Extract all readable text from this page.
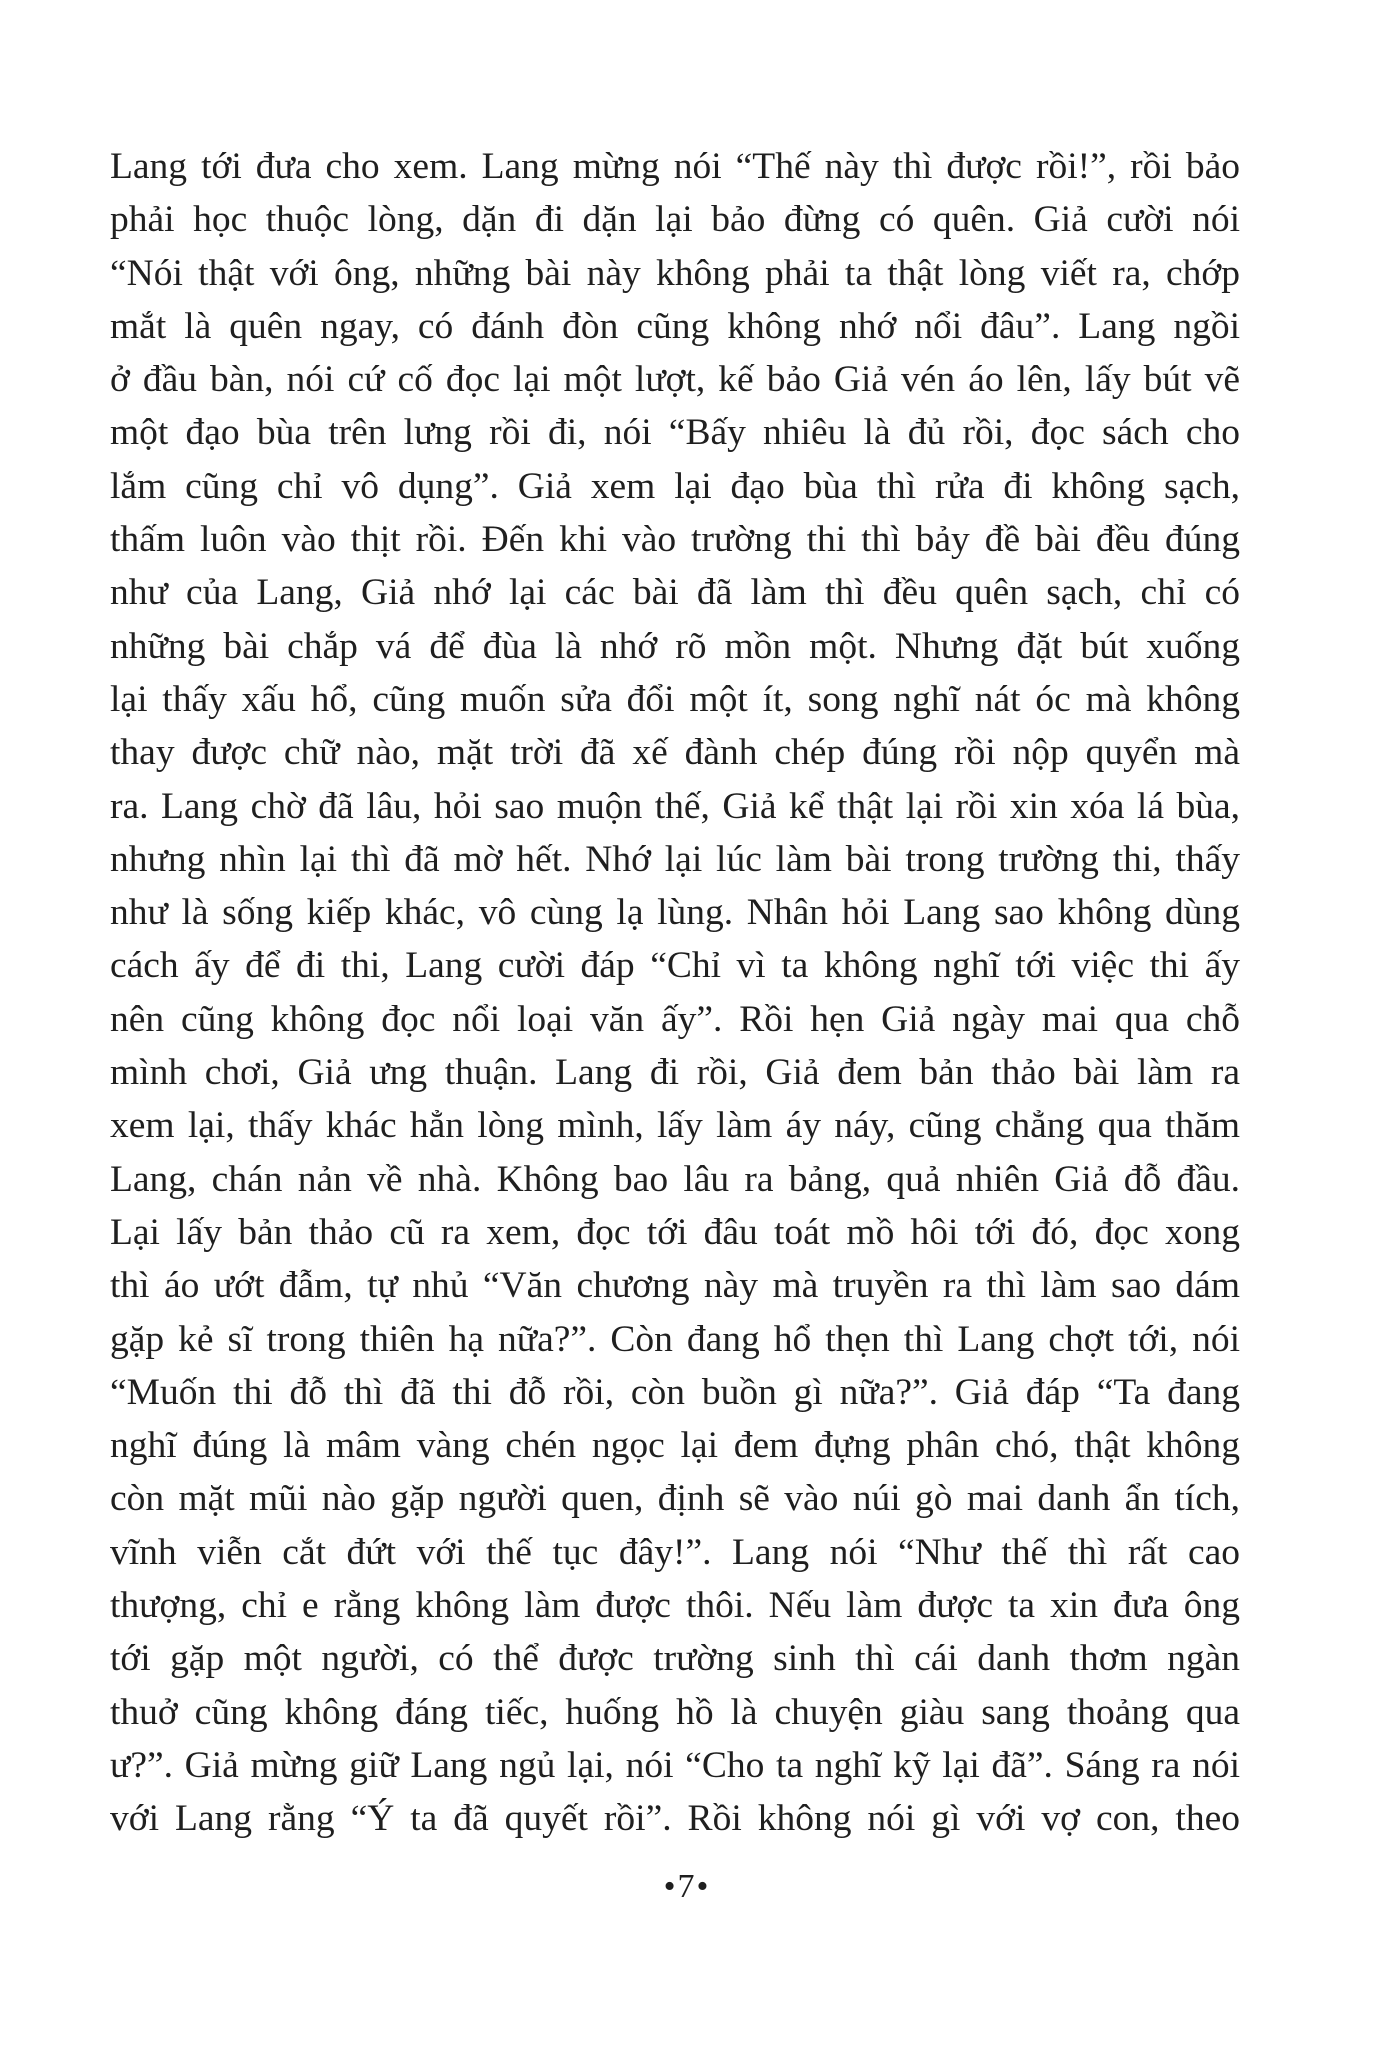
Lang tới đưa cho xem. Lang mừng nói “Thế này thì được rồi!”, rồi bảo
phải học thuộc lòng, dặn đi dặn lại bảo đừng có quên. Giả cười nói
“Nói thật với ông, những bài này không phải ta thật lòng viết ra, chớp
mắt là quên ngay, có đánh đòn cũng không nhớ nổi đâu”. Lang ngồi
ở đầu bàn, nói cứ cố đọc lại một lượt, kế bảo Giả vén áo lên, lấy bút vẽ
một đạo bùa trên lưng rồi đi, nói “Bấy nhiêu là đủ rồi, đọc sách cho
lắm cũng chỉ vô dụng”. Giả xem lại đạo bùa thì rửa đi không sạch,
thấm luôn vào thịt rồi. Đến khi vào trường thi thì bảy đề bài đều đúng
như của Lang, Giả nhớ lại các bài đã làm thì đều quên sạch, chỉ có
những bài chắp vá để đùa là nhớ rõ mồn một. Nhưng đặt bút xuống
lại thấy xấu hổ, cũng muốn sửa đổi một ít, song nghĩ nát óc mà không
thay được chữ nào, mặt trời đã xế đành chép đúng rồi nộp quyển mà
ra. Lang chờ đã lâu, hỏi sao muộn thế, Giả kể thật lại rồi xin xóa lá bùa,
nhưng nhìn lại thì đã mờ hết. Nhớ lại lúc làm bài trong trường thi, thấy
như là sống kiếp khác, vô cùng lạ lùng. Nhân hỏi Lang sao không dùng
cách ấy để đi thi, Lang cười đáp “Chỉ vì ta không nghĩ tới việc thi ấy
nên cũng không đọc nổi loại văn ấy”. Rồi hẹn Giả ngày mai qua chỗ
mình chơi, Giả ưng thuận. Lang đi rồi, Giả đem bản thảo bài làm ra
xem lại, thấy khác hẳn lòng mình, lấy làm áy náy, cũng chẳng qua thăm
Lang, chán nản về nhà. Không bao lâu ra bảng, quả nhiên Giả đỗ đầu.
Lại lấy bản thảo cũ ra xem, đọc tới đâu toát mồ hôi tới đó, đọc xong
thì áo ướt đẫm, tự nhủ “Văn chương này mà truyền ra thì làm sao dám
gặp kẻ sĩ trong thiên hạ nữa?”. Còn đang hổ thẹn thì Lang chợt tới, nói
“Muốn thi đỗ thì đã thi đỗ rồi, còn buồn gì nữa?”. Giả đáp “Ta đang
nghĩ đúng là mâm vàng chén ngọc lại đem đựng phân chó, thật không
còn mặt mũi nào gặp người quen, định sẽ vào núi gò mai danh ẩn tích,
vĩnh viễn cắt đứt với thế tục đây!”. Lang nói “Như thế thì rất cao
thượng, chỉ e rằng không làm được thôi. Nếu làm được ta xin đưa ông
tới gặp một người, có thể được trường sinh thì cái danh thơm ngàn
thuở cũng không đáng tiếc, huống hồ là chuyện giàu sang thoảng qua
ư?”. Giả mừng giữ Lang ngủ lại, nói “Cho ta nghĩ kỹ lại đã”. Sáng ra nói
với Lang rằng “Ý ta đã quyết rồi”. Rồi không nói gì với vợ con, theo
•7•
